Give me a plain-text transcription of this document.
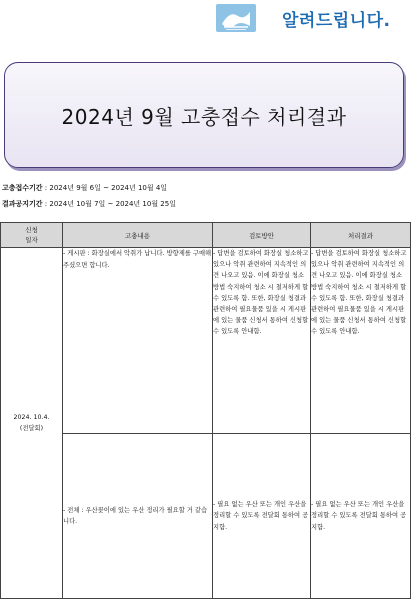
알려드립니다.
2024년 9월 고충접수 처리결과
고충접수기간 : 2024년 9월 6일 ~ 2024년 10월 4일
결과공지기간 : 2024년 10월 7일 ~ 2024년 10월 25일
신청
일자	고충내용	검토방안	처리결과
2024. 10.4.
(전달회)	- 게시판 : 화장실에서 악취가 납니다. 방향제를 구매해주셨으면 합니다.	- 답변을 검토하여 화장실 청소하고 있으나 악취 관련하여 지속적인 의견 나오고 있음. 이에 화장실 청소 방법 숙지하여 청소 시 철저하게 할 수 있도록 함. 또한, 화장실 청결과 관련하여 필요물품 있을 시 게시판에 있는 물품 신청서 통하여 신청할 수 있도록 안내함.	- 답변을 검토하여 화장실 청소하고 있으나 악취 관련하여 지속적인 의견 나오고 있음. 이에 화장실 청소 방법 숙지하여 청소 시 철저하게 할 수 있도록 함. 또한, 화장실 청결과 관련하여 필요물품 있을 시 게시판에 있는 물품 신청서 통하여 신청할 수 있도록 안내함.
	- 전체 : 우산꽂이에 있는 우산 정리가 필요할 거 같습니다.	- 필요 없는 우산 또는 개인 우산을 정리할 수 있도록 전달회 통하여 공지함.	- 필요 없는 우산 또는 개인 우산을 정리할 수 있도록 전달회 통하여 공지함.
